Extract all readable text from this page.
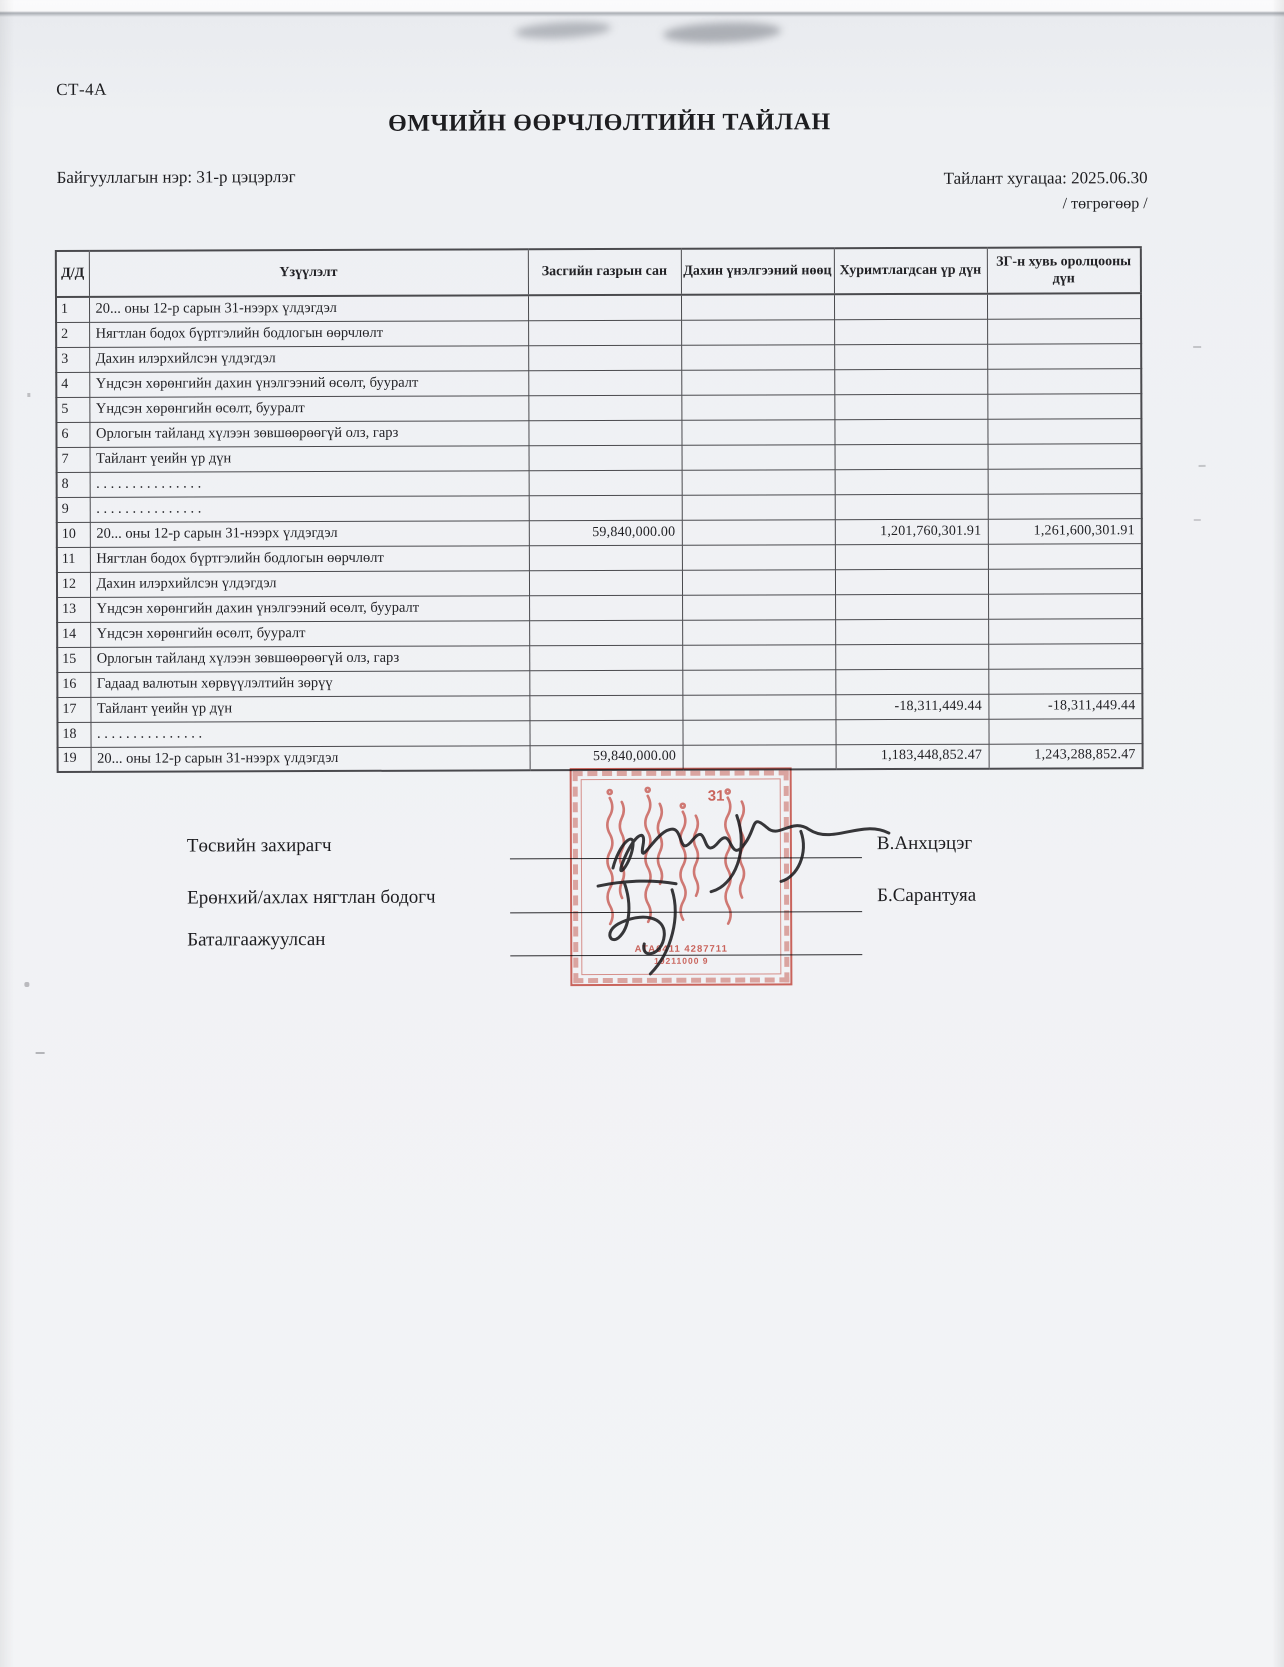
СТ-4А
ӨМЧИЙН ӨӨРЧЛӨЛТИЙН ТАЙЛАН
Байгууллагын нэр: 31-р цэцэрлэг	Тайлант хугацаа: 2025.06.30
/ төгрөгөөр /
Д/Д	Үзүүлэлт	Засгийн газрын сан	Дахин үнэлгээний нөөц	Хуримтлагдсан үр дүн	ЗГ-н хувь оролцооны дүн
1	20... оны 12-р сарын 31-нээрх үлдэгдэл				
2	Нягтлан бодох бүртгэлийн бодлогын өөрчлөлт				
3	Дахин илэрхийлсэн үлдэгдэл				
4	Үндсэн хөрөнгийн дахин үнэлгээний өсөлт, бууралт				
5	Үндсэн хөрөнгийн өсөлт, бууралт				
6	Орлогын тайланд хүлээн зөвшөөрөөгүй олз, гарз				
7	Тайлант үеийн үр дүн				
8	. . . . . . . . . . . . . . .				
9	. . . . . . . . . . . . . . .				
10	20... оны 12-р сарын 31-нээрх үлдэгдэл	59,840,000.00		1,201,760,301.91	1,261,600,301.91
11	Нягтлан бодох бүртгэлийн бодлогын өөрчлөлт				
12	Дахин илэрхийлсэн үлдэгдэл				
13	Үндсэн хөрөнгийн дахин үнэлгээний өсөлт, бууралт				
14	Үндсэн хөрөнгийн өсөлт, бууралт				
15	Орлогын тайланд хүлээн зөвшөөрөөгүй олз, гарз				
16	Гадаад валютын хөрвүүлэлтийн зөрүү				
17	Тайлант үеийн үр дүн			-18,311,449.44	-18,311,449.44
18	. . . . . . . . . . . . . . .				
19	20... оны 12-р сарын 31-нээрх үлдэгдэл	59,840,000.00		1,183,448,852.47	1,243,288,852.47
31
АТА6411 4287711
19211000 9
Төсвийн захирагч	В.Анхцэцэг
Ерөнхий/ахлах нягтлан бодогч	Б.Сарантуяа
Баталгаажуулсан
